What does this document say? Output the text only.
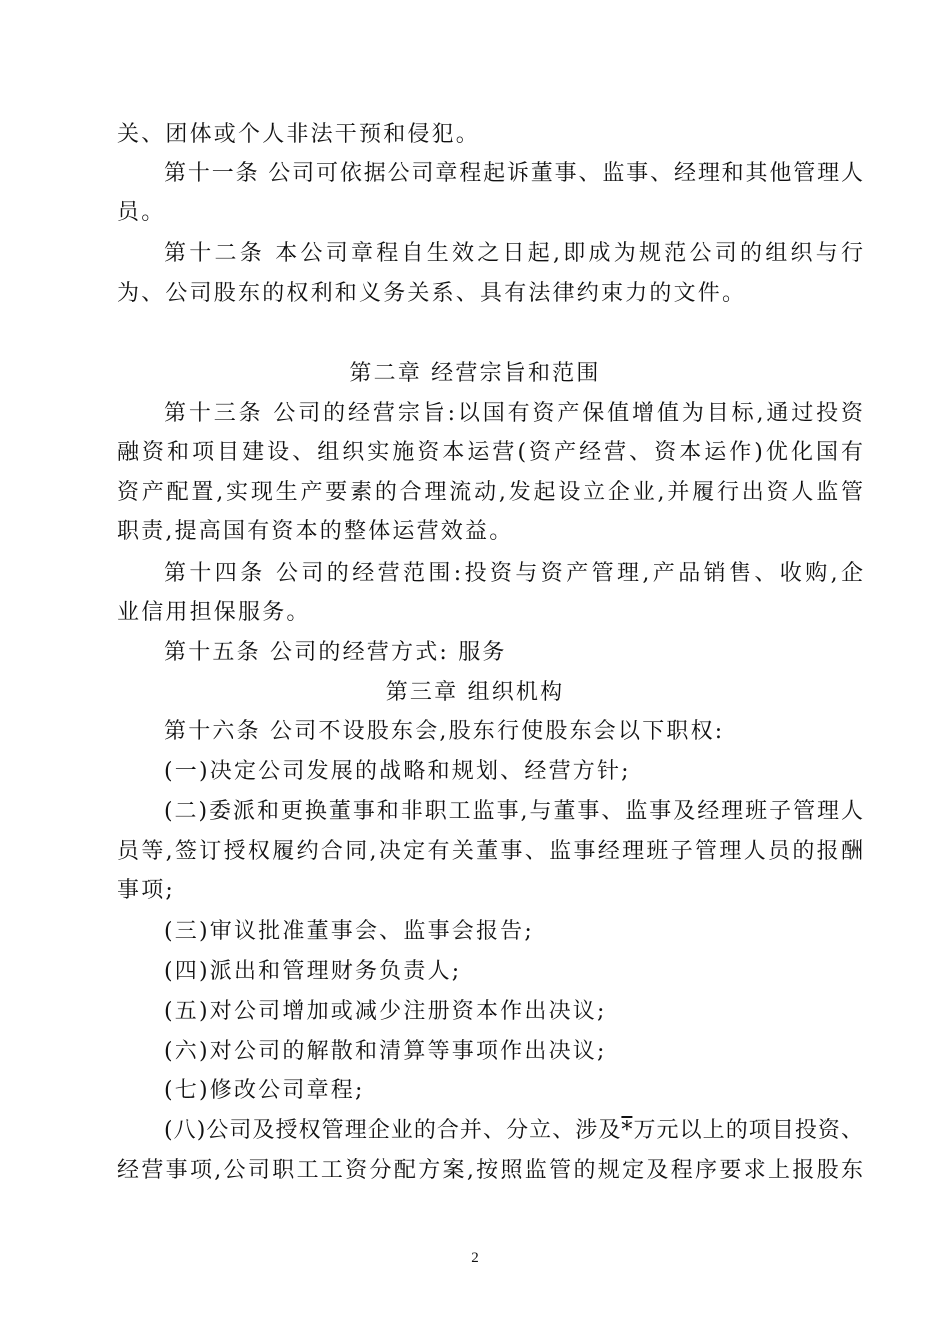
关、团体或个人非法干预和侵犯。
第十一条 公司可依据公司章程起诉董事、监事、经理和其他管理人
员。
第十二条 本公司章程自生效之日起,即成为规范公司的组织与行
为、公司股东的权利和义务关系、具有法律约束力的文件。
第二章 经营宗旨和范围
第十三条 公司的经营宗旨:以国有资产保值增值为目标,通过投资
融资和项目建设、组织实施资本运营(资产经营、资本运作)优化国有
资产配置,实现生产要素的合理流动,发起设立企业,并履行出资人监管
职责,提高国有资本的整体运营效益。
第十四条 公司的经营范围:投资与资产管理,产品销售、收购,企
业信用担保服务。
第十五条 公司的经营方式: 服务
第三章 组织机构
第十六条 公司不设股东会,股东行使股东会以下职权:
(一)决定公司发展的战略和规划、经营方针;
(二)委派和更换董事和非职工监事,与董事、监事及经理班子管理人
员等,签订授权履约合同,决定有关董事、监事经理班子管理人员的报酬
事项;
(三)审议批准董事会、监事会报告;
(四)派出和管理财务负责人;
(五)对公司增加或减少注册资本作出决议;
(六)对公司的解散和清算等事项作出决议;
(七)修改公司章程;
(八)公司及授权管理企业的合并、分立、涉及*万元以上的项目投资、
经营事项,公司职工工资分配方案,按照监管的规定及程序要求上报股东
2
